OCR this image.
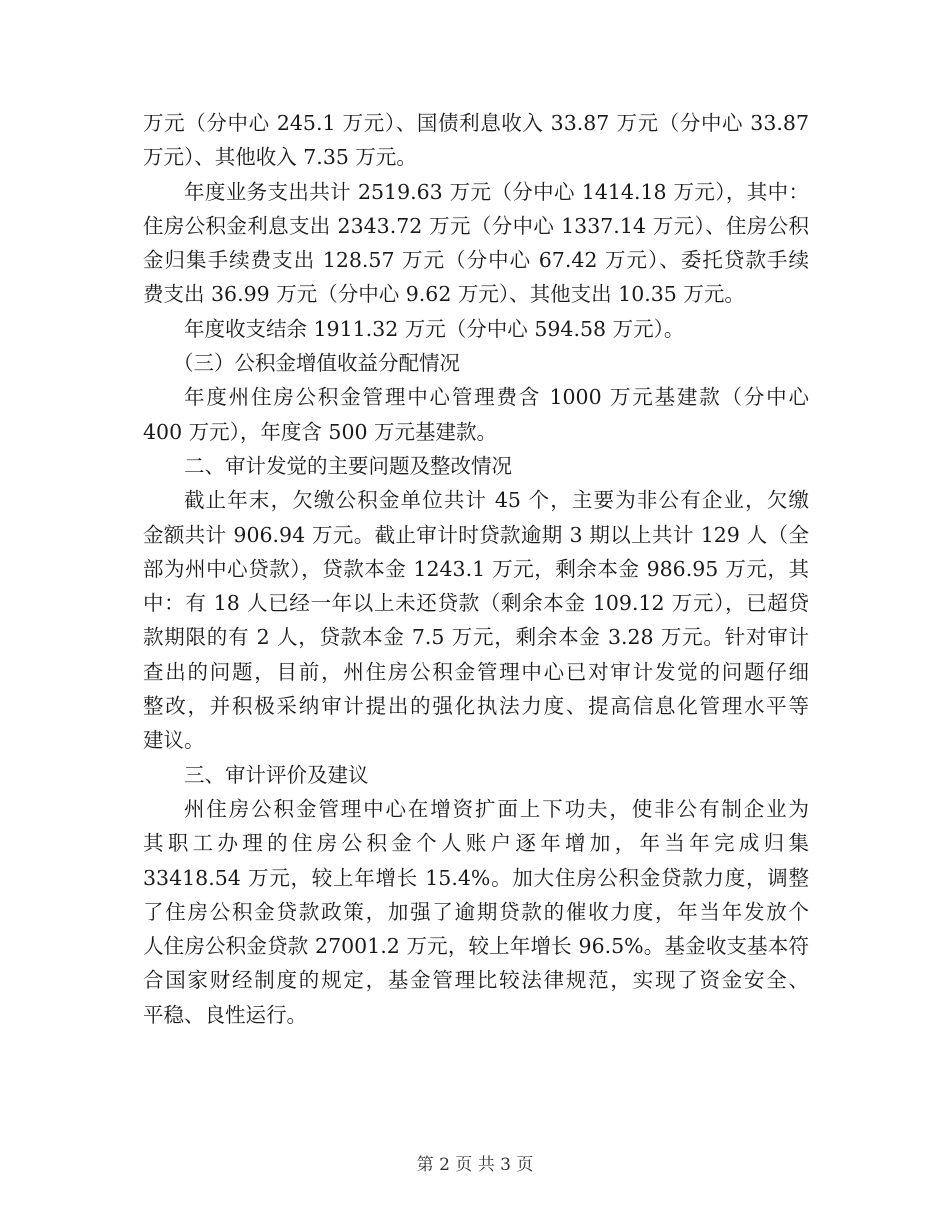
万元（分中心 245.1 万元）、国债利息收入 33.87 万元（分中心 33.87
万元）、其他收入 7.35 万元。
年度业务支出共计 2519.63 万元（分中心 1414.18 万元），其中：
住房公积金利息支出 2343.72 万元（分中心 1337.14 万元）、住房公积
金归集手续费支出 128.57 万元（分中心 67.42 万元）、委托贷款手续
费支出 36.99 万元（分中心 9.62 万元）、其他支出 10.35 万元。
年度收支结余 1911.32 万元（分中心 594.58 万元）。
（三）公积金增值收益分配情况
年度州住房公积金管理中心管理费含 1000 万元基建款（分中心
400 万元），年度含 500 万元基建款。
二、审计发觉的主要问题及整改情况
截止年末，欠缴公积金单位共计 45 个，主要为非公有企业，欠缴
金额共计 906.94 万元。截止审计时贷款逾期 3 期以上共计 129 人（全
部为州中心贷款），贷款本金 1243.1 万元，剩余本金 986.95 万元，其
中：有 18 人已经一年以上未还贷款（剩余本金 109.12 万元），已超贷
款期限的有 2 人，贷款本金 7.5 万元，剩余本金 3.28 万元。针对审计
查出的问题，目前，州住房公积金管理中心已对审计发觉的问题仔细
整改，并积极采纳审计提出的强化执法力度、提高信息化管理水平等
建议。
三、审计评价及建议
州住房公积金管理中心在增资扩面上下功夫，使非公有制企业为
其职工办理的住房公积金个人账户逐年增加，年当年完成归集
33418.54 万元，较上年增长 15.4%。加大住房公积金贷款力度，调整
了住房公积金贷款政策，加强了逾期贷款的催收力度，年当年发放个
人住房公积金贷款 27001.2 万元，较上年增长 96.5%。基金收支基本符
合国家财经制度的规定，基金管理比较法律规范，实现了资金安全、
平稳、良性运行。
第 2 页 共 3 页
